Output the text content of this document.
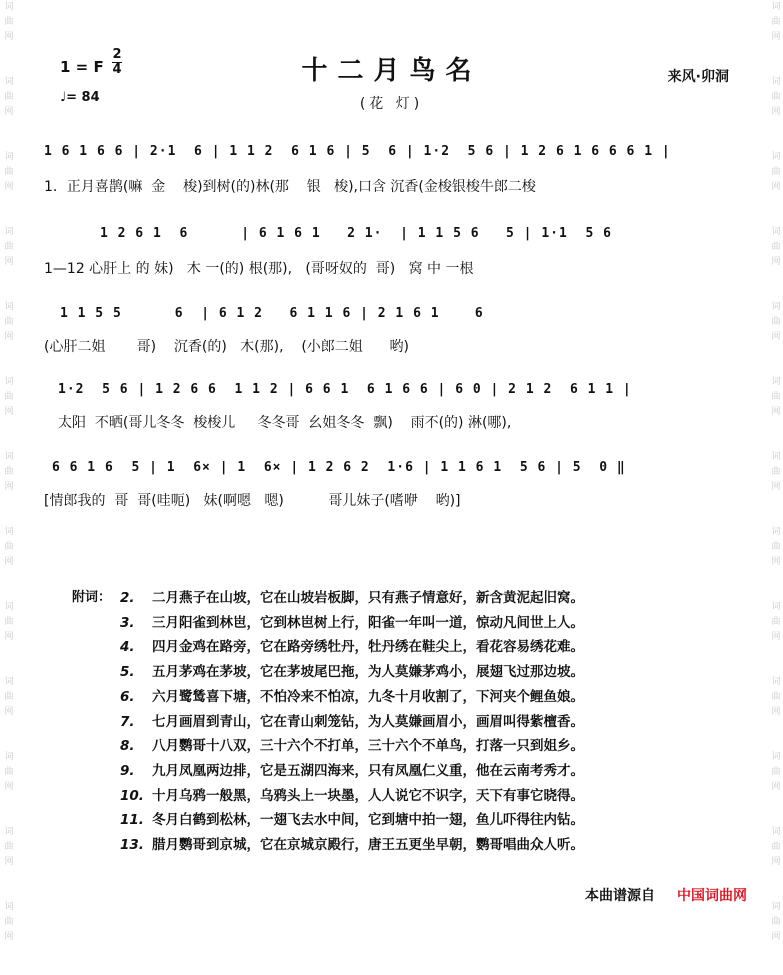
词
曲
网

词
曲
网

词
曲
网

词
曲
网

词
曲
网

词
曲
网

词
曲
网

词
曲
网

词
曲
网

词
曲
网

词
曲
网

词
曲
网

词
曲
网

词
曲
网

词
曲
网

词
曲
网

词
曲
网

词
曲
网

词
曲
网

词
曲
网

词
曲
网

词
曲
网

词
曲
网

词
曲
网

词
曲
网

词
曲
网

1 = F
2
4
♩= 84
十二月鸟名
(花 灯)
来风·卯洞
1 6 1 6 6 | 2·1  6 | 1 1 2  6 1 6 | 5  6 | 1·2  5 6 | 1 2 6 1 6 6 6 1 |
1．正月喜鹊(嘛  金    梭)到树(的)林(那    银   梭),口含 沉香(金梭银梭牛郎二梭
1 2 6 1  6      | 6 1 6 1   2 1·  | 1 1 5 6   5 | 1·1  5 6
1—12 心肝上 的 妹)   木 一(的) 根(那),   (哥呀奴的  哥)   窝 中 一根
1 1 5 5      6  | 6 1 2   6 1 1 6 | 2 1 6 1    6
(心肝二姐       哥)    沉香(的)   木(那),    (小郎二姐      哟)
1·2  5 6 | 1 2 6 6  1 1 2 | 6 6 1  6 1 6 6 | 6 0 | 2 1 2  6 1 1 |
太阳  不晒(哥儿冬冬  梭梭儿     冬冬哥  幺姐冬冬  飘)    雨不(的) 淋(哪),
6 6 1 6  5 | 1  6× | 1  6× | 1 2 6 2  1·6 | 1 1 6 1  5 6 | 5  0 ‖
[情郎我的  哥  哥(哇呃)   妹(啊嗯   嗯)          哥儿妹子(嗜咿    哟)]
附词： 2. 二月燕子在山坡，它在山坡岩板脚，只有燕子情意好，新含黄泥起旧窝。
3. 三月阳雀到林岜，它到林岜树上行，阳雀一年叫一道，惊动凡间世上人。
4. 四月金鸡在路旁，它在路旁绣牡丹，牡丹绣在鞋尖上，看花容易绣花难。
5. 五月茅鸡在茅坡，它在茅坡尾巴拖，为人莫嫌茅鸡小，展翅飞过那边坡。
6. 六月鹭鸶喜下塘，不怕冷来不怕凉，九冬十月收割了，下河夹个鲤鱼娘。
7. 七月画眉到青山，它在青山刺笼钻，为人莫嫌画眉小，画眉叫得紫檀香。
8. 八月鹦哥十八双，三十六个不打单，三十六个不单鸟，打落一只到姐乡。
9. 九月凤凰两边排，它是五湖四海来，只有凤凰仁义重，他在云南考秀才。
10. 十月乌鸦一般黑，乌鸦头上一块墨，人人说它不识字，天下有事它晓得。
11. 冬月白鹤到松林，一翅飞去水中间，它到塘中拍一翅，鱼儿吓得往内钻。
13. 腊月鹦哥到京城，它在京城京殿行，唐王五更坐早朝，鹦哥唱曲众人听。
本曲谱源自 中国词曲网
